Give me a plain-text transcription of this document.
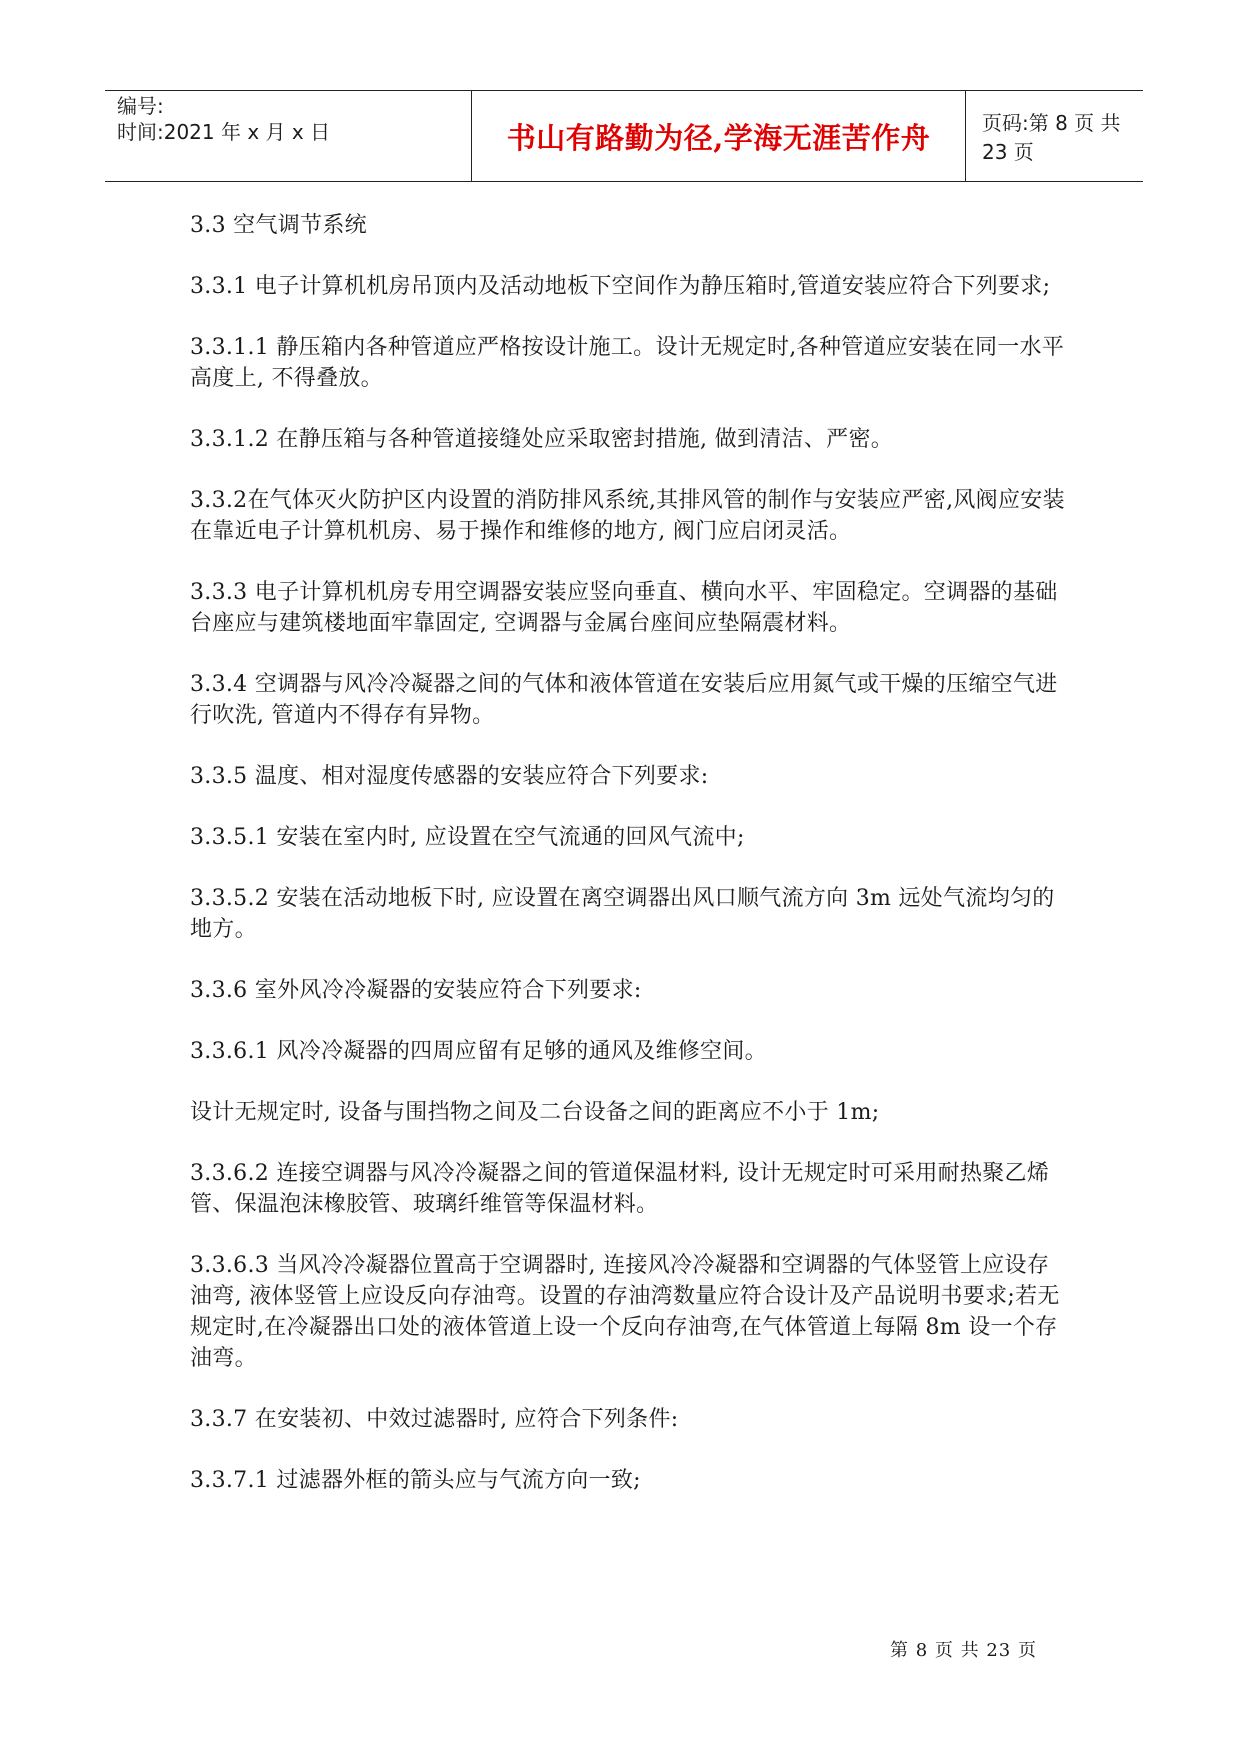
编号:
时间:2021 年 x 月 x 日	书山有路勤为径,学海无涯苦作舟	页码:第 8 页 共 23 页

3.3 空气调节系统

3.3.1 电子计算机机房吊顶内及活动地板下空间作为静压箱时,管道安装应符合下列要求;

3.3.1.1 静压箱内各种管道应严格按设计施工。设计无规定时,各种管道应安装在同一水平高度上, 不得叠放。

3.3.1.2 在静压箱与各种管道接缝处应采取密封措施, 做到清洁、严密。

3.3.2在气体灭火防护区内设置的消防排风系统,其排风管的制作与安装应严密,风阀应安装在靠近电子计算机机房、易于操作和维修的地方, 阀门应启闭灵活。

3.3.3 电子计算机机房专用空调器安装应竖向垂直、横向水平、牢固稳定。空调器的基础台座应与建筑楼地面牢靠固定, 空调器与金属台座间应垫隔震材料。

3.3.4 空调器与风冷冷凝器之间的气体和液体管道在安装后应用氮气或干燥的压缩空气进行吹洗, 管道内不得存有异物。

3.3.5 温度、相对湿度传感器的安装应符合下列要求:

3.3.5.1 安装在室内时, 应设置在空气流通的回风气流中;

3.3.5.2 安装在活动地板下时, 应设置在离空调器出风口顺气流方向 3m 远处气流均匀的地方。

3.3.6 室外风冷冷凝器的安装应符合下列要求:

3.3.6.1 风冷冷凝器的四周应留有足够的通风及维修空间。

设计无规定时, 设备与围挡物之间及二台设备之间的距离应不小于 1m;

3.3.6.2 连接空调器与风冷冷凝器之间的管道保温材料, 设计无规定时可采用耐热聚乙烯管、保温泡沫橡胶管、玻璃纤维管等保温材料。

3.3.6.3 当风冷冷凝器位置高于空调器时, 连接风冷冷凝器和空调器的气体竖管上应设存油弯, 液体竖管上应设反向存油弯。设置的存油湾数量应符合设计及产品说明书要求;若无规定时,在冷凝器出口处的液体管道上设一个反向存油弯,在气体管道上每隔 8m 设一个存油弯。

3.3.7 在安装初、中效过滤器时, 应符合下列条件:

3.3.7.1 过滤器外框的箭头应与气流方向一致;

第 8 页 共 23 页
